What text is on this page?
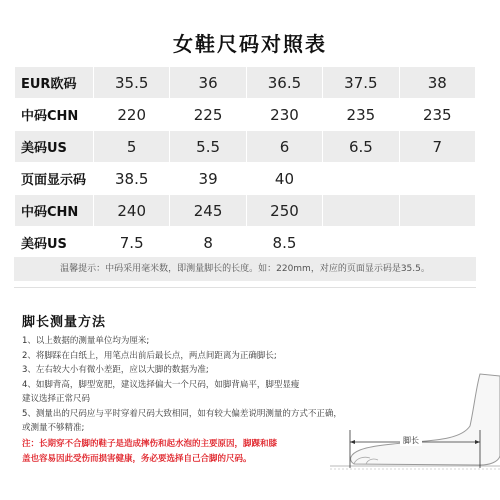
女鞋尺码对照表
EUR欧码	35.5	36	36.5	37.5	38
中码CHN	220	225	230	235	235
美码US	5	5.5	6	6.5	7
页面显示码	38.5	39	40		
中码CHN	240	245	250		
美码US	7.5	8	8.5		
温馨提示：中码采用毫米数，即测量脚长的长度。如：220mm，对应的页面显示码是35.5。
脚长测量方法
1、以上数据的测量单位均为厘米;
2、将脚踩在白纸上，用笔点出前后最长点，两点间距离为正确脚长;
3、左右较大小有微小差距，应以大脚的数据为准;
4、如脚背高，脚型宽肥，建议选择偏大一个尺码，如脚背扁平，脚型显瘦
建议选择正常尺码
5、测量出的尺码应与平时穿着尺码大致相同，如有较大偏差说明测量的方式不正确，
或测量不够精准;
注：长期穿不合脚的鞋子是造成摔伤和起水泡的主要原因，脚踝和膝
盖也容易因此受伤而损害健康，务必要选择自己合脚的尺码。
脚长
